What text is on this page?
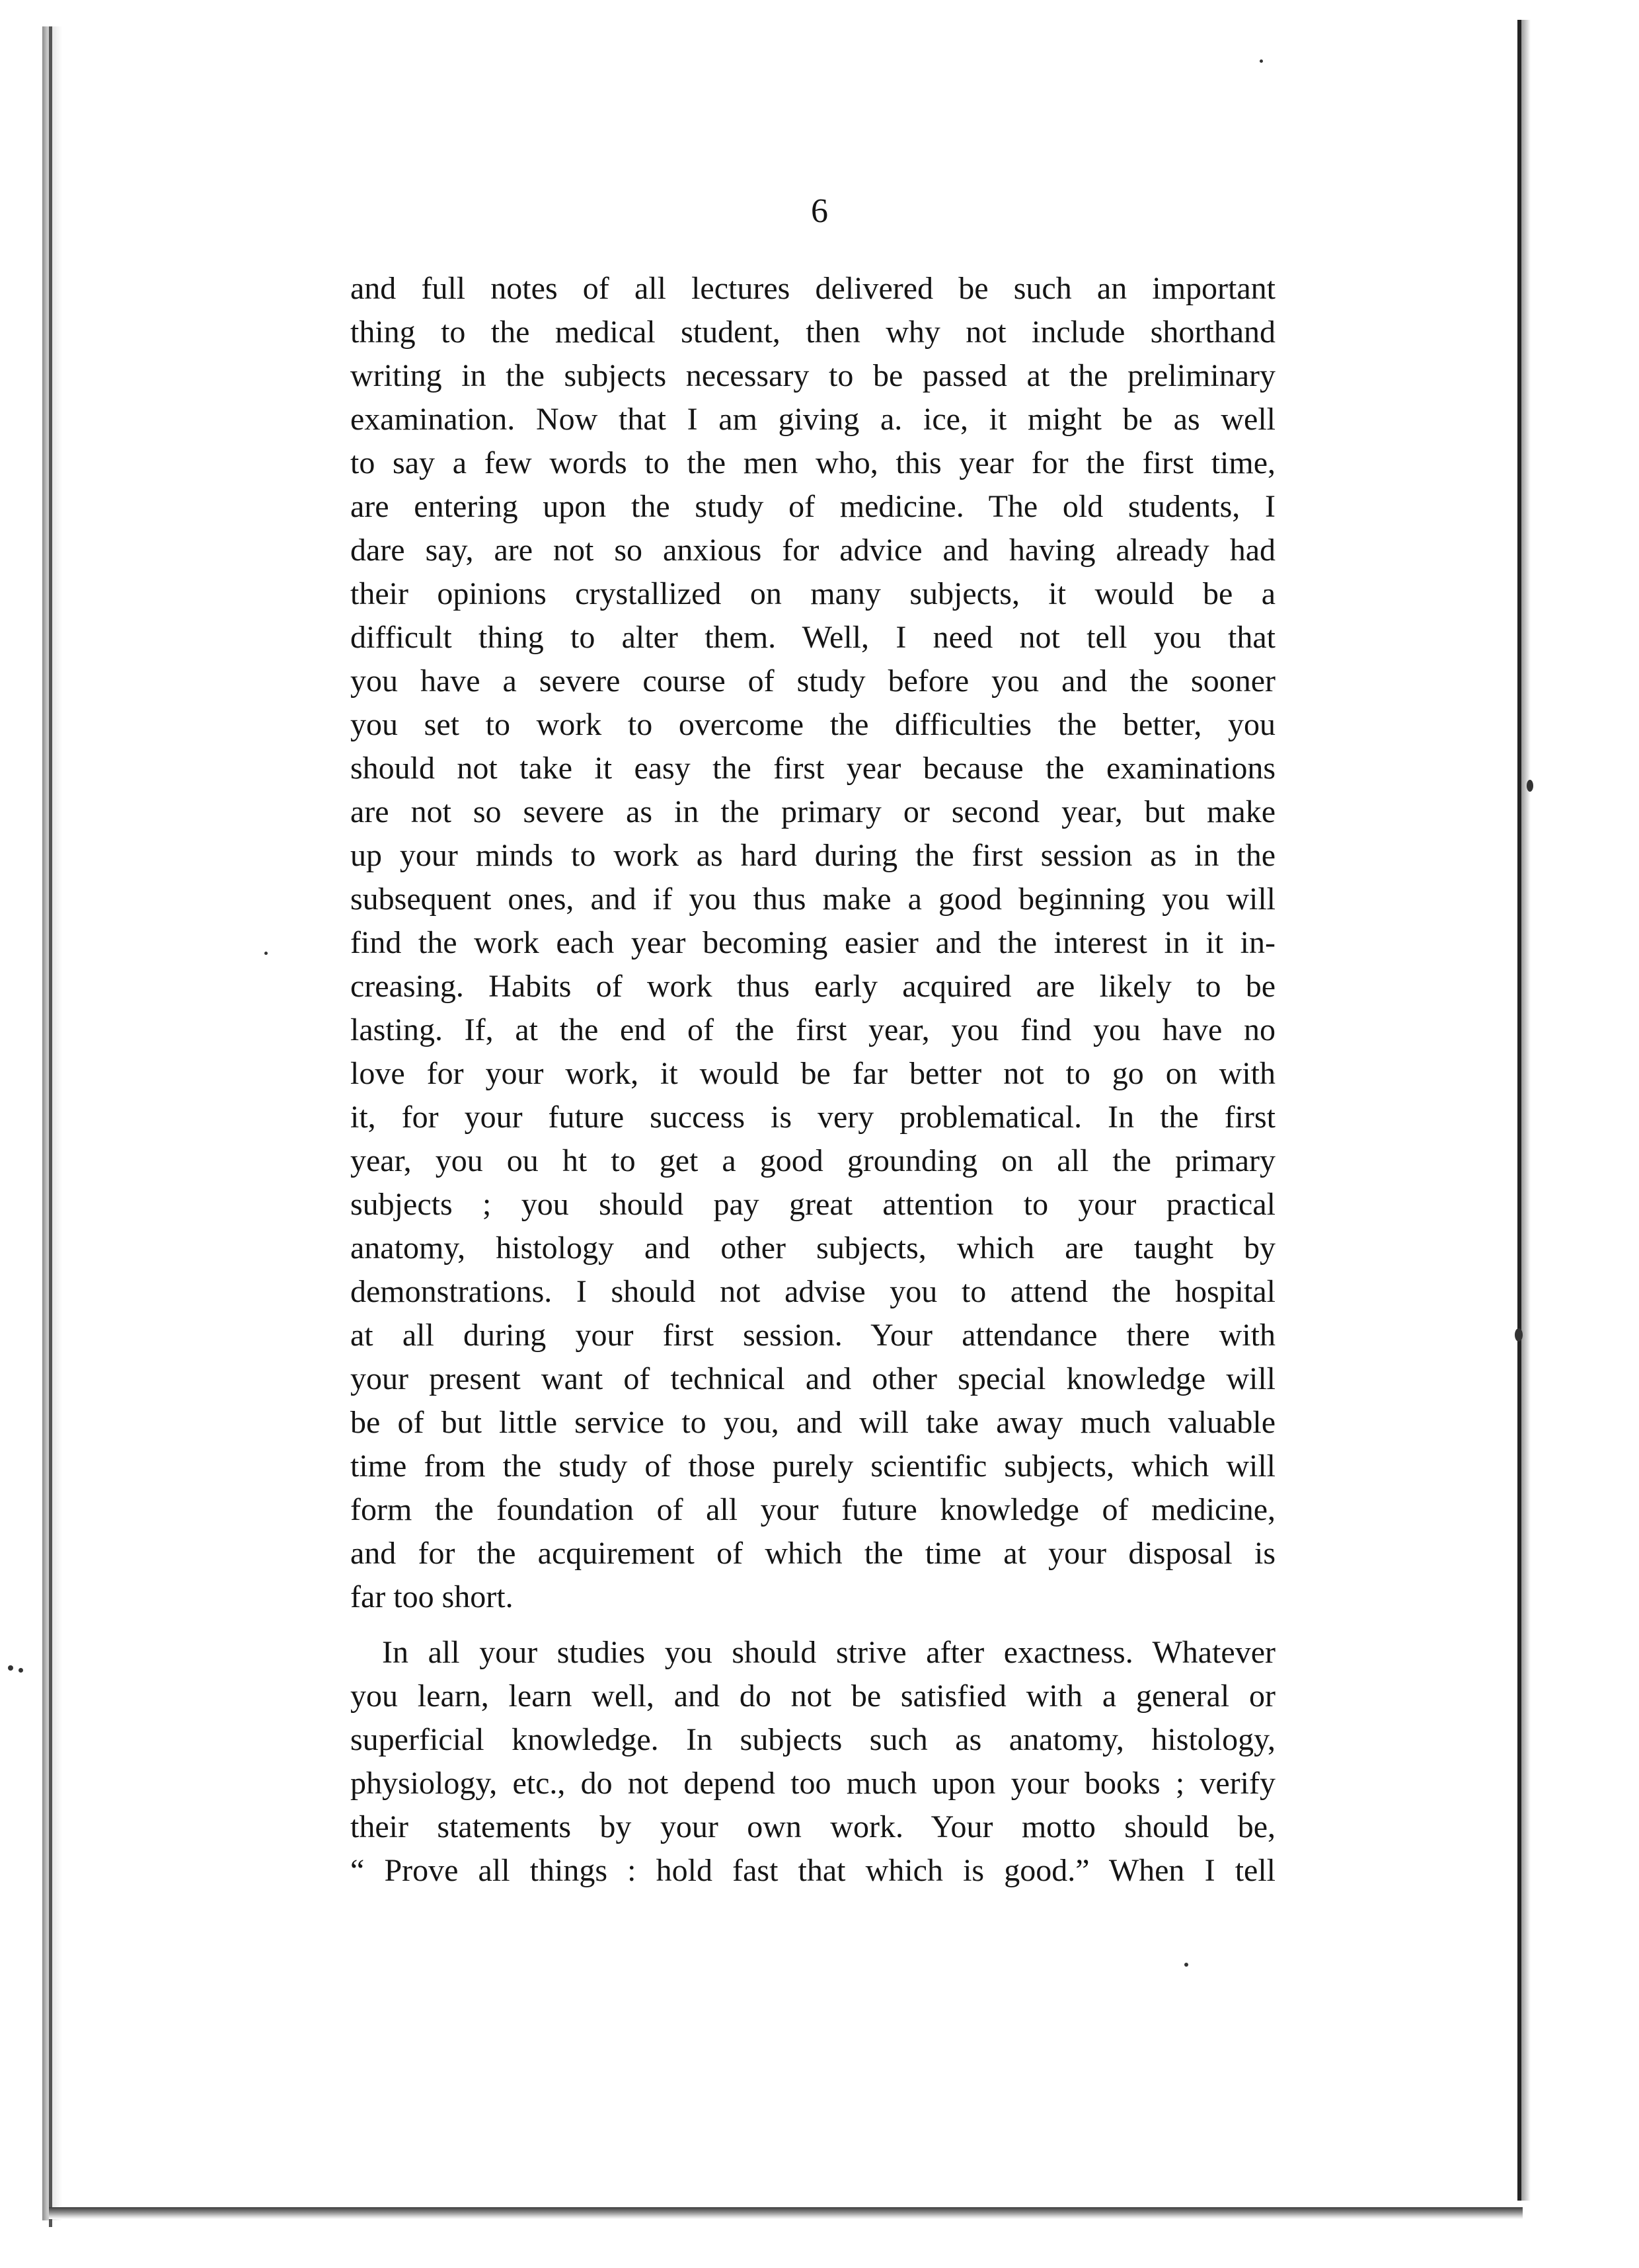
6
and full notes of all lectures delivered be such an important
thing to the medical student, then why not include shorthand
writing in the subjects necessary to be passed at the preliminary
examination. Now that I am giving a. ice, it might be as well
to say a few words to the men who, this year for the first time,
are entering upon the study of medicine. The old students, I
dare say, are not so anxious for advice and having already had
their opinions crystallized on many subjects, it would be a
difficult thing to alter them. Well, I need not tell you that
you have a severe course of study before you and the sooner
you set to work to overcome the difficulties the better, you
should not take it easy the first year because the examinations
are not so severe as in the primary or second year, but make
up your minds to work as hard during the first session as in the
subsequent ones, and if you thus make a good beginning you will
find the work each year becoming easier and the interest in it in-
creasing. Habits of work thus early acquired are likely to be
lasting. If, at the end of the first year, you find you have no
love for your work, it would be far better not to go on with
it, for your future success is very problematical. In the first
year, you ou ht to get a good grounding on all the primary
subjects ; you should pay great attention to your practical
anatomy, histology and other subjects, which are taught by
demonstrations. I should not advise you to attend the hospital
at all during your first session. Your attendance there with
your present want of technical and other special knowledge will
be of but little service to you, and will take away much valuable
time from the study of those purely scientific subjects, which will
form the foundation of all your future knowledge of medicine,
and for the acquirement of which the time at your disposal is
far too short.
In all your studies you should strive after exactness. Whatever
you learn, learn well, and do not be satisfied with a general or
superficial knowledge. In subjects such as anatomy, histology,
physiology, etc., do not depend too much upon your books ; verify
their statements by your own work. Your motto should be,
“ Prove all things : hold fast that which is good.” When I tell
